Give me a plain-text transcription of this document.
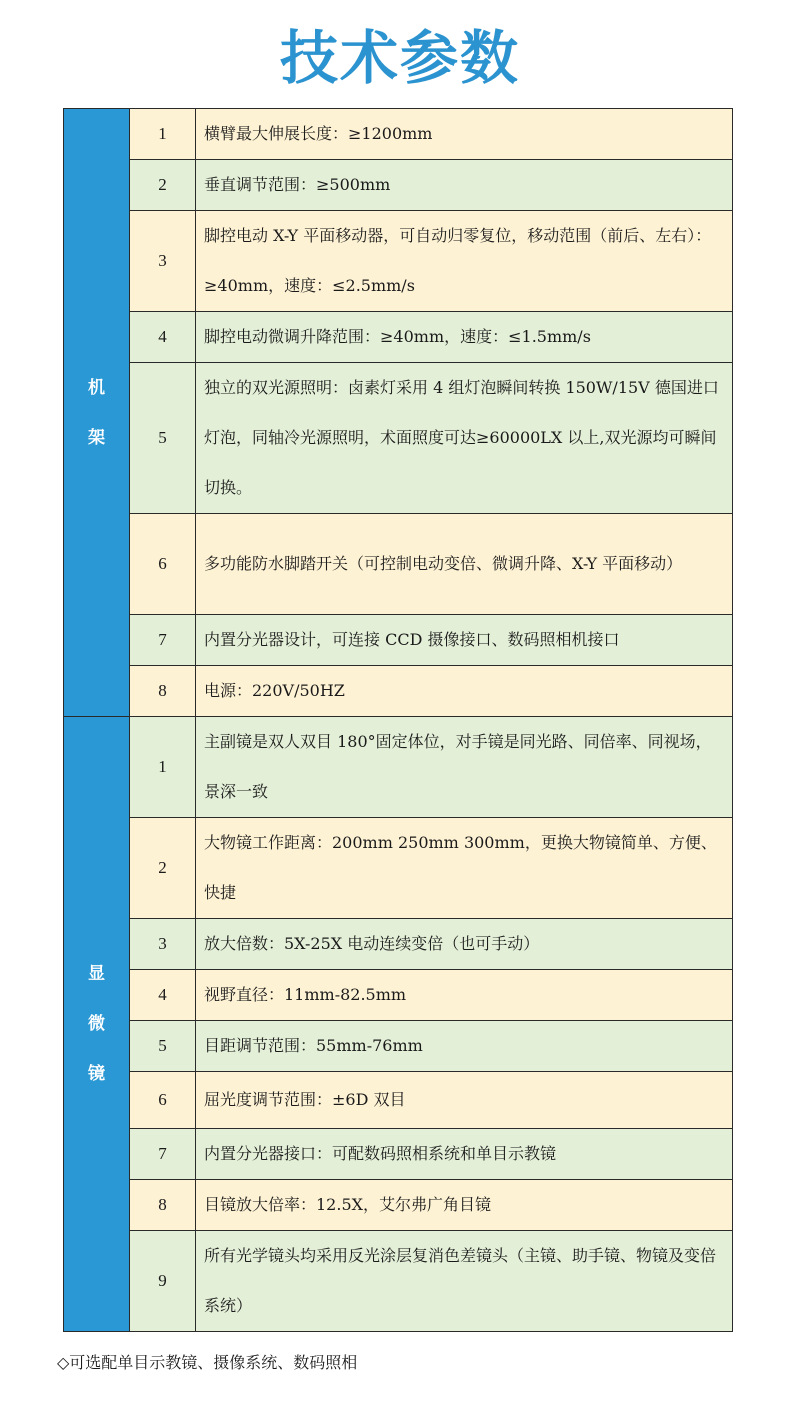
技术参数
机
架	1	横臂最大伸展长度：≥1200mm
	2	垂直调节范围：≥500mm
	3	脚控电动 X-Y 平面移动器，可自动归零复位，移动范围（前后、左右）：≥40mm，速度：≤2.5mm/s
	4	脚控电动微调升降范围：≥40mm，速度：≤1.5mm/s
	5	独立的双光源照明：卤素灯采用 4 组灯泡瞬间转换 150W/15V 德国进口灯泡，同轴冷光源照明，术面照度可达≥60000LX 以上,双光源均可瞬间切换。
	6	多功能防水脚踏开关（可控制电动变倍、微调升降、X-Y 平面移动）
	7	内置分光器设计，可连接 CCD 摄像接口、数码照相机接口
	8	电源：220V/50HZ

显
微
镜	1	主副镜是双人双目 180°固定体位，对手镜是同光路、同倍率、同视场，景深一致
	2	大物镜工作距离：200mm 250mm 300mm，更换大物镜简单、方便、快捷
	3	放大倍数：5X-25X 电动连续变倍（也可手动）
	4	视野直径：11mm-82.5mm
	5	目距调节范围：55mm-76mm
	6	屈光度调节范围：±6D 双目
	7	内置分光器接口：可配数码照相系统和单目示教镜
	8	目镜放大倍率：12.5X，艾尔弗广角目镜
	9	所有光学镜头均采用反光涂层复消色差镜头（主镜、助手镜、物镜及变倍系统）
◇可选配单目示教镜、摄像系统、数码照相
